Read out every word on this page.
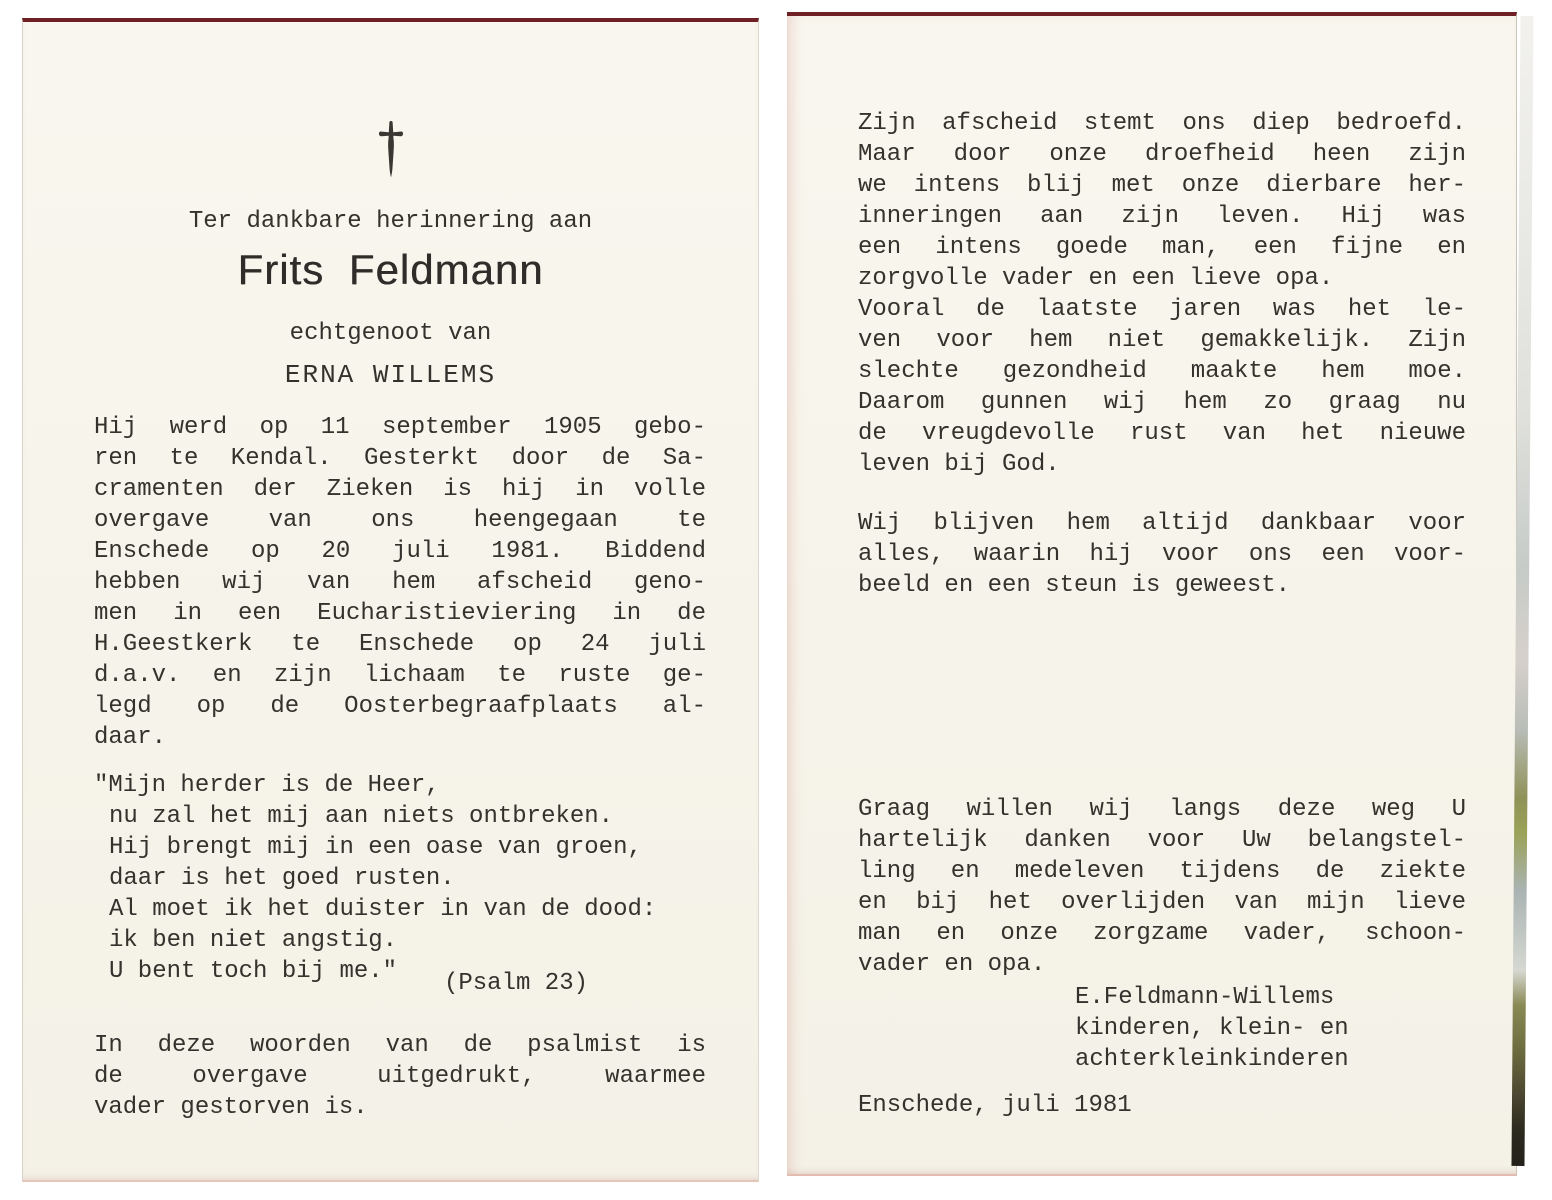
Ter dankbare herinnering aan
Frits Feldmann
echtgenoot van
ERNA WILLEMS
Hij werd op 11 september 1905 gebo-
ren te Kendal. Gesterkt door de Sa-
cramenten der Zieken is hij in volle
overgave van ons heengegaan te
Enschede op 20 juli 1981. Biddend
hebben wij van hem afscheid geno-
men in een Eucharistieviering in de
H.Geestkerk te Enschede op 24 juli
d.a.v. en zijn lichaam te ruste ge-
legd op de Oosterbegraafplaats al-
daar.
"Mijn herder is de Heer,
nu zal het mij aan niets ontbreken.
Hij brengt mij in een oase van groen,
daar is het goed rusten.
Al moet ik het duister in van de dood:
ik ben niet angstig.
U bent toch bij me."	(Psalm 23)
In deze woorden van de psalmist is
de overgave uitgedrukt, waarmee
vader gestorven is.
Zijn afscheid stemt ons diep bedroefd.
Maar door onze droefheid heen zijn
we intens blij met onze dierbare her-
inneringen aan zijn leven. Hij was
een intens goede man, een fijne en
zorgvolle vader en een lieve opa.
Vooral de laatste jaren was het le-
ven voor hem niet gemakkelijk. Zijn
slechte gezondheid maakte hem moe.
Daarom gunnen wij hem zo graag nu
de vreugdevolle rust van het nieuwe
leven bij God.
Wij blijven hem altijd dankbaar voor
alles, waarin hij voor ons een voor-
beeld en een steun is geweest.
Graag willen wij langs deze weg U
hartelijk danken voor Uw belangstel-
ling en medeleven tijdens de ziekte
en bij het overlijden van mijn lieve
man en onze zorgzame vader, schoon-
vader en opa.
E.Feldmann-Willems
kinderen, klein- en
achterkleinkinderen
Enschede, juli 1981
